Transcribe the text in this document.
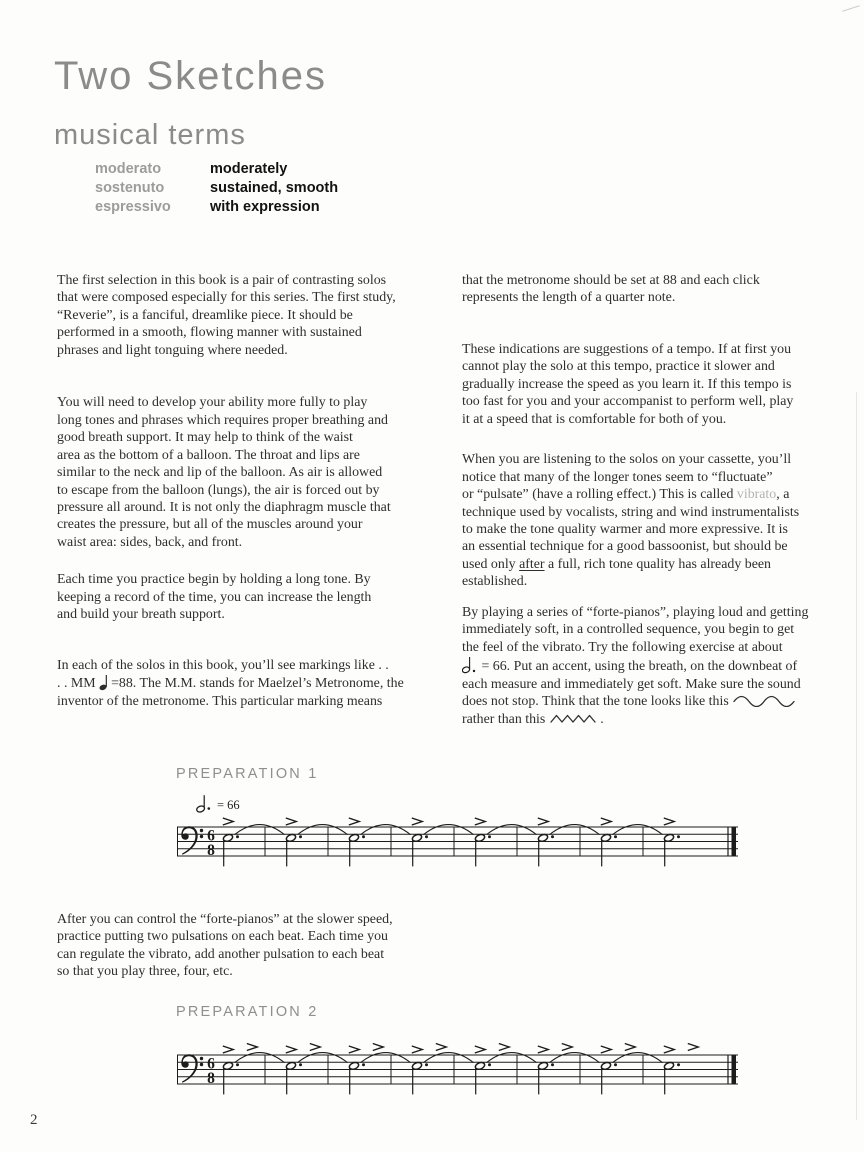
Two Sketches
musical terms
moderato	moderately
sostenuto	sustained, smooth
espressivo	with expression

The first selection in this book is a pair of contrasting solos
that were composed especially for this series. The first study,
“Reverie”, is a fanciful, dreamlike piece. It should be
performed in a smooth, flowing manner with sustained
phrases and light tonguing where needed.

You will need to develop your ability more fully to play
long tones and phrases which requires proper breathing and
good breath support. It may help to think of the waist
area as the bottom of a balloon. The throat and lips are
similar to the neck and lip of the balloon. As air is allowed
to escape from the balloon (lungs), the air is forced out by
pressure all around. It is not only the diaphragm muscle that
creates the pressure, but all of the muscles around your
waist area: sides, back, and front.

Each time you practice begin by holding a long tone. By
keeping a record of the time, you can increase the length
and build your breath support.

In each of the solos in this book, you’ll see markings like . .
. . MM =88. The M.M. stands for Maelzel’s Metronome, the
inventor of the metronome. This particular marking means

that the metronome should be set at 88 and each click
represents the length of a quarter note.

These indications are suggestions of a tempo. If at first you
cannot play the solo at this tempo, practice it slower and
gradually increase the speed as you learn it. If this tempo is
too fast for you and your accompanist to perform well, play
it at a speed that is comfortable for both of you.

When you are listening to the solos on your cassette, you’ll
notice that many of the longer tones seem to “fluctuate”
or “pulsate” (have a rolling effect.) This is called vibrato, a
technique used by vocalists, string and wind instrumentalists
to make the tone quality warmer and more expressive. It is
an essential technique for a good bassoonist, but should be
used only after a full, rich tone quality has already been
established.

By playing a series of “forte-pianos”, playing loud and getting
immediately soft, in a controlled sequence, you begin to get
the feel of the vibrato. Try the following exercise at about
= 66. Put an accent, using the breath, on the downbeat of
each measure and immediately get soft. Make sure the sound
does not stop. Think that the tone looks like this
rather than this	.

PREPARATION 1

= 66
6
8

After you can control the “forte-pianos” at the slower speed,
practice putting two pulsations on each beat. Each time you
can regulate the vibrato, add another pulsation to each beat
so that you play three, four, etc.

PREPARATION 2

6
8
2
